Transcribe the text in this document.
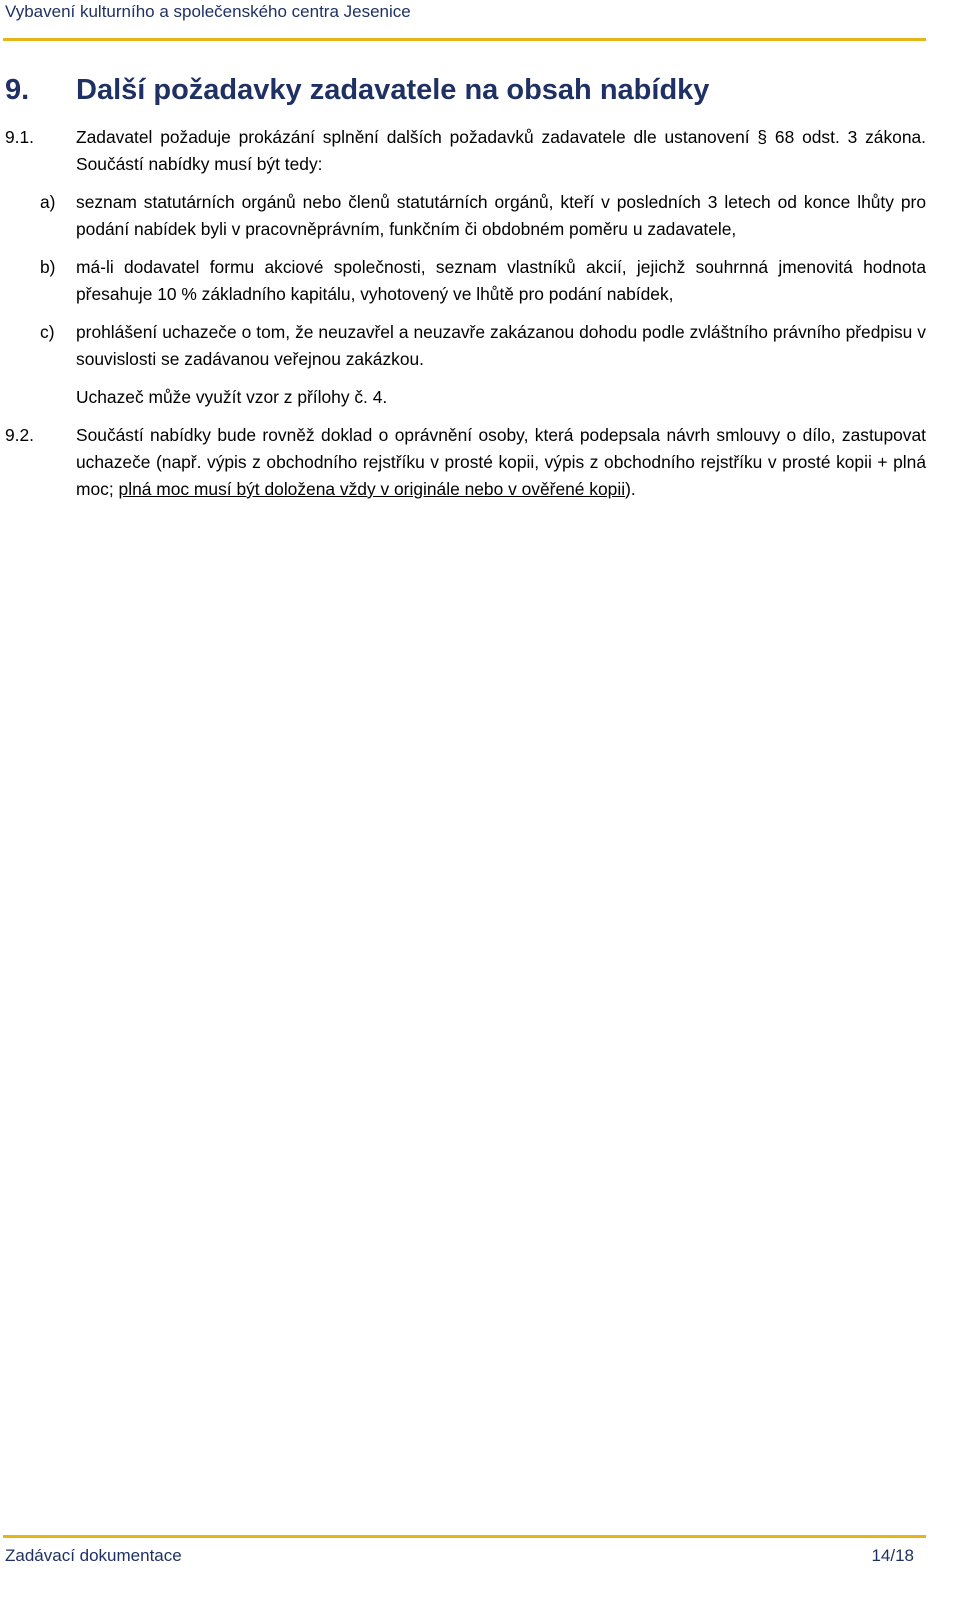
Vybavení kulturního a společenského centra Jesenice
9. Další požadavky zadavatele na obsah nabídky
9.1.	Zadavatel požaduje prokázání splnění dalších požadavků zadavatele dle ustanovení § 68 odst. 3 zákona. Součástí nabídky musí být tedy:
a)	seznam statutárních orgánů nebo členů statutárních orgánů, kteří v posledních 3 letech od konce lhůty pro podání nabídek byli v pracovněprávním, funkčním či obdobném poměru u zadavatele,
b)	má-li dodavatel formu akciové společnosti, seznam vlastníků akcií, jejichž souhrnná jmenovitá hodnota přesahuje 10 % základního kapitálu, vyhotovený ve lhůtě pro podání nabídek,
c)	prohlášení uchazeče o tom, že neuzavřel a neuzavře zakázanou dohodu podle zvláštního právního předpisu v souvislosti se zadávanou veřejnou zakázkou.
Uchazeč může využít vzor z přílohy č. 4.
9.2.	Součástí nabídky bude rovněž doklad o oprávnění osoby, která podepsala návrh smlouvy o dílo, zastupovat uchazeče (např. výpis z obchodního rejstříku v prosté kopii, výpis z obchodního rejstříku v prosté kopii + plná moc; plná moc musí být doložena vždy v originále nebo v ověřené kopii).
Zadávací dokumentace	14/18
